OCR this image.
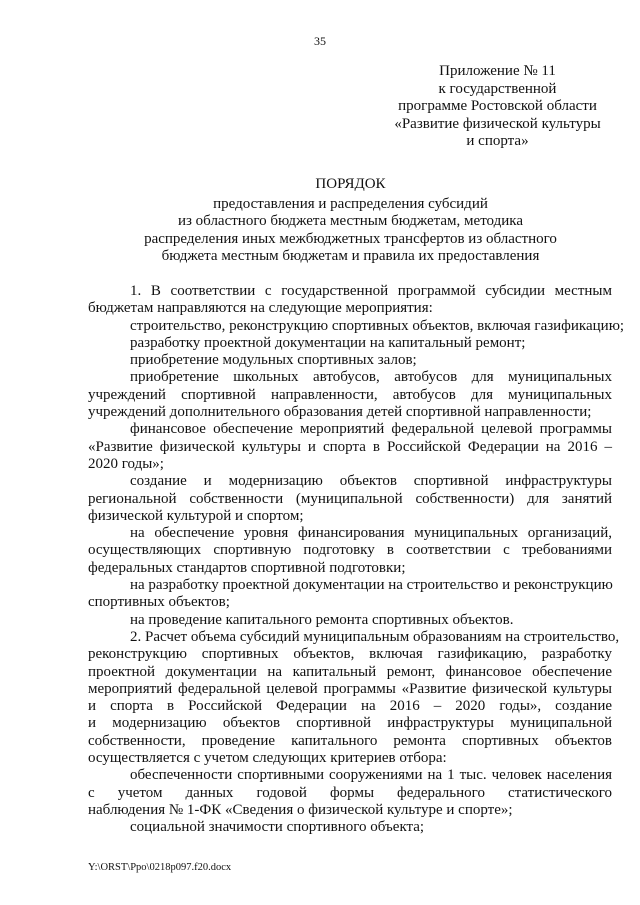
35
Приложение № 11
к государственной
программе Ростовской области
«Развитие физической культуры
и спорта»
ПОРЯДОК
предоставления и распределения субсидий
из областного бюджета местным бюджетам, методика
распределения иных межбюджетных трансфертов из областного
бюджета местным бюджетам и правила их предоставления
1. В соответствии с государственной программой субсидии местным
бюджетам направляются на следующие мероприятия:
строительство, реконструкцию спортивных объектов, включая газификацию;
разработку проектной документации на капитальный ремонт;
приобретение модульных спортивных залов;
приобретение школьных автобусов, автобусов для муниципальных
учреждений спортивной направленности, автобусов для муниципальных
учреждений дополнительного образования детей спортивной направленности;
финансовое обеспечение мероприятий федеральной целевой программы
«Развитие физической культуры и спорта в Российской Федерации на 2016 –
2020 годы»;
создание и модернизацию объектов спортивной инфраструктуры
региональной собственности (муниципальной собственности) для занятий
физической культурой и спортом;
на обеспечение уровня финансирования муниципальных организаций,
осуществляющих спортивную подготовку в соответствии с требованиями
федеральных стандартов спортивной подготовки;
на разработку проектной документации на строительство и реконструкцию
спортивных объектов;
на проведение капитального ремонта спортивных объектов.
2. Расчет объема субсидий муниципальным образованиям на строительство,
реконструкцию спортивных объектов, включая газификацию, разработку
проектной документации на капитальный ремонт, финансовое обеспечение
мероприятий федеральной целевой программы «Развитие физической культуры
и спорта в Российской Федерации на 2016 – 2020 годы», создание
и модернизацию объектов спортивной инфраструктуры муниципальной
собственности, проведение капитального ремонта спортивных объектов
осуществляется с учетом следующих критериев отбора:
обеспеченности спортивными сооружениями на 1 тыс. человек населения
с учетом данных годовой формы федерального статистического
наблюдения № 1-ФК «Сведения о физической культуре и спорте»;
социальной значимости спортивного объекта;
Y:\ORST\Ppo\0218p097.f20.docx
